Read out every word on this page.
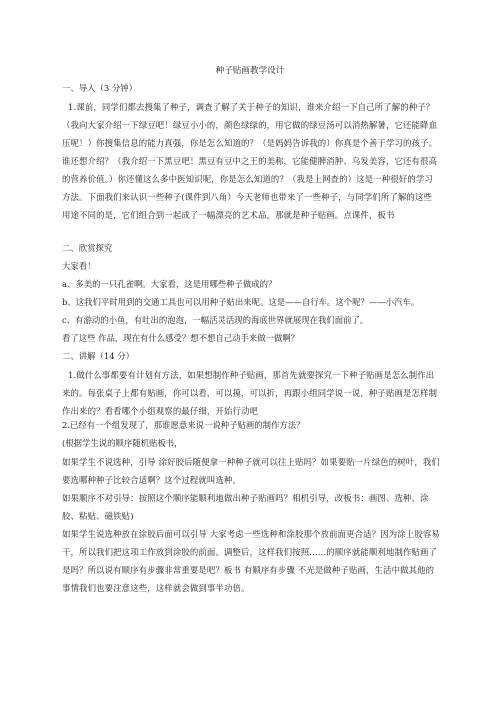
种子贴画教学设计
一、导入（3 分钟）
1.课前，同学们都去搜集了种子，调查了解了关于种子的知识，谁来介绍一下自己所了解的种子？（我向大家介绍一下绿豆吧！绿豆小小的，颜色绿绿的，用它做的绿豆汤可以消热解暑，它还能降血压呢！）你搜集信息的能力真强，你是怎么知道的？（是妈妈告诉我的）你真是个善于学习的孩子。谁还想介绍？（我介绍一下黑豆吧！黑豆有豆中之王的美称，它能健脾消肿、乌发美容，它还有很高的营养价值。）你还懂这么多中医知识呢，你是怎么知道的？（我是上网查的）这是一种很好的学习方法。下面我们来认识一些种子(课件到八角）今天老师也带来了一些种子，与同学们所了解的这些用途不同的是，它们组合到一起成了一幅漂亮的艺术品，那就是种子贴画。点课件，板书
二、欣赏探究
大家看！
a、多美的一只孔雀啊。大家看，这是用哪些种子做成的？
b、这我们平时用到的交通工具也可以用种子贴出来呢。这是——自行车。这个呢？——小汽车。
c、有游动的小鱼，有吐出的泡泡，一幅活灵活现的海底世界就展现在我们面前了。
看了这些 作品，现在有什么感受？想不想自己动手来做一做啊？
二、讲解（14 分）
1.做什么事都要有计划有方法，如果想制作种子贴画，那首先就要探究一下种子贴画是怎么制作出来的。每张桌子上都有贴画，你可以看，可以摸，可以折，再跟小组同学说一说，种子贴画是怎样制作出来的？看看哪个小组观察的最仔细，开始行动吧
2.已经有一个组发现了，那谁愿意来说一说种子贴画的制作方法？
(根据学生说的顺序随机贴板书，
如果学生不说选种，引导 涂好胶后随便拿一种种子就可以往上贴吗？如果要贴一片绿色的树叶，我们要选哪种种子比较合适啊？这个过程就叫选种。
如果顺序不对引导：按照这个顺序能顺利地做出种子贴画吗？相机引导，改板书：画图、选种、涂胶、粘贴、磁铁贴)
如果学生说选种放在涂胶后面可以引导 大家考虑一些选种和涂胶那个放前面更合适？因为涂上胶容易干，所以我们把这项工作放到涂胶的前面。调整后，这样我们按照……的顺序就能顺利地制作贴画了是吗？所以说有顺序有步骤非常重要是吧？板书 有顺序有步骤 不光是做种子贴画，生活中做其他的事情我们也要注意这些，这样就会做到事半功倍。
